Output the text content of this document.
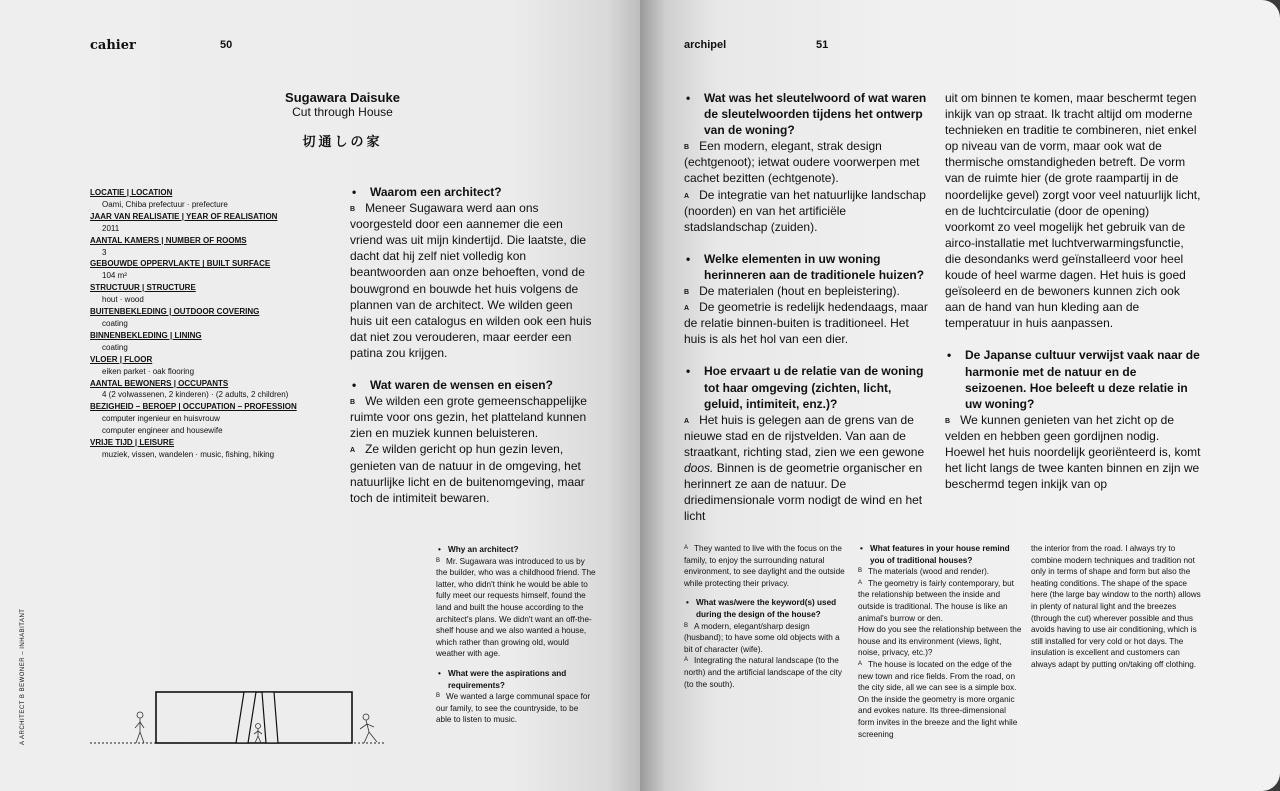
cahier	50
Sugawara Daisuke
Cut through House
切通しの家
LOCATIE | LOCATION
Oami, Chiba prefectuur · prefecture
JAAR VAN REALISATIE | YEAR OF REALISATION
2011
AANTAL KAMERS | NUMBER OF ROOMS
3
GEBOUWDE OPPERVLAKTE | BUILT SURFACE
104 m²
STRUCTUUR | STRUCTURE
hout · wood
BUITENBEKLEDING | OUTDOOR COVERING
coating
BINNENBEKLEDING | LINING
coating
VLOER | FLOOR
eiken parket · oak flooring
AANTAL BEWONERS | OCCUPANTS
4 (2 volwassenen, 2 kinderen) · (2 adults, 2 children)
BEZIGHEID – BEROEP | OCCUPATION – PROFESSION
computer ingenieur en huisvrouw
computer engineer and housewife
VRIJE TIJD | LEISURE
muziek, vissen, wandelen · music, fishing, hiking
• Waarom een architect?
$^B$ Meneer Sugawara werd aan ons voorgesteld door een aannemer die een vriend was uit mijn kindertijd. Die laatste, die dacht dat hij zelf niet volledig kon beantwoorden aan onze behoeften, vond de bouwgrond en bouwde het huis volgens de plannen van de architect. We wilden geen huis uit een catalogus en wilden ook een huis dat niet zou verouderen, maar eerder een patina zou krijgen.
• Wat waren de wensen en eisen?
$^B$ We wilden een grote gemeenschappelijke ruimte voor ons gezin, het platteland kunnen zien en muziek kunnen beluisteren.
$^A$ Ze wilden gericht op hun gezin leven, genieten van de natuur in de omgeving, het natuurlijke licht en de buitenomgeving, maar toch de intimiteit bewaren.
• Why an architect?
$^B$ Mr. Sugawara was introduced to us by the builder, who was a childhood friend. The latter, who didn't think he would be able to fully meet our requests himself, found the land and built the house according to the architect's plans. We didn't want an off-the-shelf house and we also wanted a house, which rather than growing old, would weather with age.
• What were the aspirations and requirements?
$^B$ We wanted a large communal space for our family, to see the countryside, to be able to listen to music.
A ARCHITECT B BEWONER – INHABITANT
archipel	51
• Wat was het sleutelwoord of wat waren de sleutelwoorden tijdens het ontwerp van de woning?
$^B$ Een modern, elegant, strak design (echtgenoot); ietwat oudere voorwerpen met cachet bezitten (echtgenote).
$^A$ De integratie van het natuurlijke landschap (noorden) en van het artificiële stadslandschap (zuiden).
• Welke elementen in uw woning herinneren aan de traditionele huizen?
$^B$ De materialen (hout en bepleistering).
$^A$ De geometrie is redelijk hedendaags, maar de relatie binnen-buiten is traditioneel. Het huis is als het hol van een dier.
• Hoe ervaart u de relatie van de woning tot haar omgeving (zichten, licht, geluid, intimiteit, enz.)?
$^A$ Het huis is gelegen aan de grens van de nieuwe stad en de rijstvelden. Van aan de straatkant, richting stad, zien we een gewone doos. Binnen is de geometrie organischer en herinnert ze aan de natuur. De driedimensionale vorm nodigt de wind en het licht
uit om binnen te komen, maar beschermt tegen inkijk van op straat. Ik tracht altijd om moderne technieken en traditie te combineren, niet enkel op niveau van de vorm, maar ook wat de thermische omstandigheden betreft. De vorm van de ruimte hier (de grote raampartij in de noordelijke gevel) zorgt voor veel natuurlijk licht, en de luchtcirculatie (door de opening) voorkomt zo veel mogelijk het gebruik van de airco-installatie met luchtverwarmingsfunctie, die desondanks werd geïnstalleerd voor heel koude of heel warme dagen. Het huis is goed geïsoleerd en de bewoners kunnen zich ook aan de hand van hun kleding aan de temperatuur in huis aanpassen.
• De Japanse cultuur verwijst vaak naar de harmonie met de natuur en de seizoenen. Hoe beleeft u deze relatie in uw woning?
$^B$ We kunnen genieten van het zicht op de velden en hebben geen gordijnen nodig. Hoewel het huis noordelijk georiënteerd is, komt het licht langs de twee kanten binnen en zijn we beschermd tegen inkijk van op
$^A$ They wanted to live with the focus on the family, to enjoy the surrounding natural environment, to see daylight and the outside while protecting their privacy.
• What was/were the keyword(s) used during the design of the house?
$^B$ A modern, elegant/sharp design (husband); to have some old objects with a bit of character (wife).
$^A$ Integrating the natural landscape (to the north) and the artificial landscape of the city (to the south).
• What features in your house remind you of traditional houses?
$^B$ The materials (wood and render).
$^A$ The geometry is fairly contemporary, but the relationship between the inside and outside is traditional. The house is like an animal's burrow or den.
How do you see the relationship between the house and its environment (views, light, noise, privacy, etc.)?
$^A$ The house is located on the edge of the new town and rice fields. From the road, on the city side, all we can see is a simple box. On the inside the geometry is more organic and evokes nature. Its three-dimensional form invites in the breeze and the light while screening
the interior from the road. I always try to combine modern techniques and tradition not only in terms of shape and form but also the heating conditions. The shape of the space here (the large bay window to the north) allows in plenty of natural light and the breezes (through the cut) wherever possible and thus avoids having to use air conditioning, which is still installed for very cold or hot days. The insulation is excellent and customers can always adapt by putting on/taking off clothing.
